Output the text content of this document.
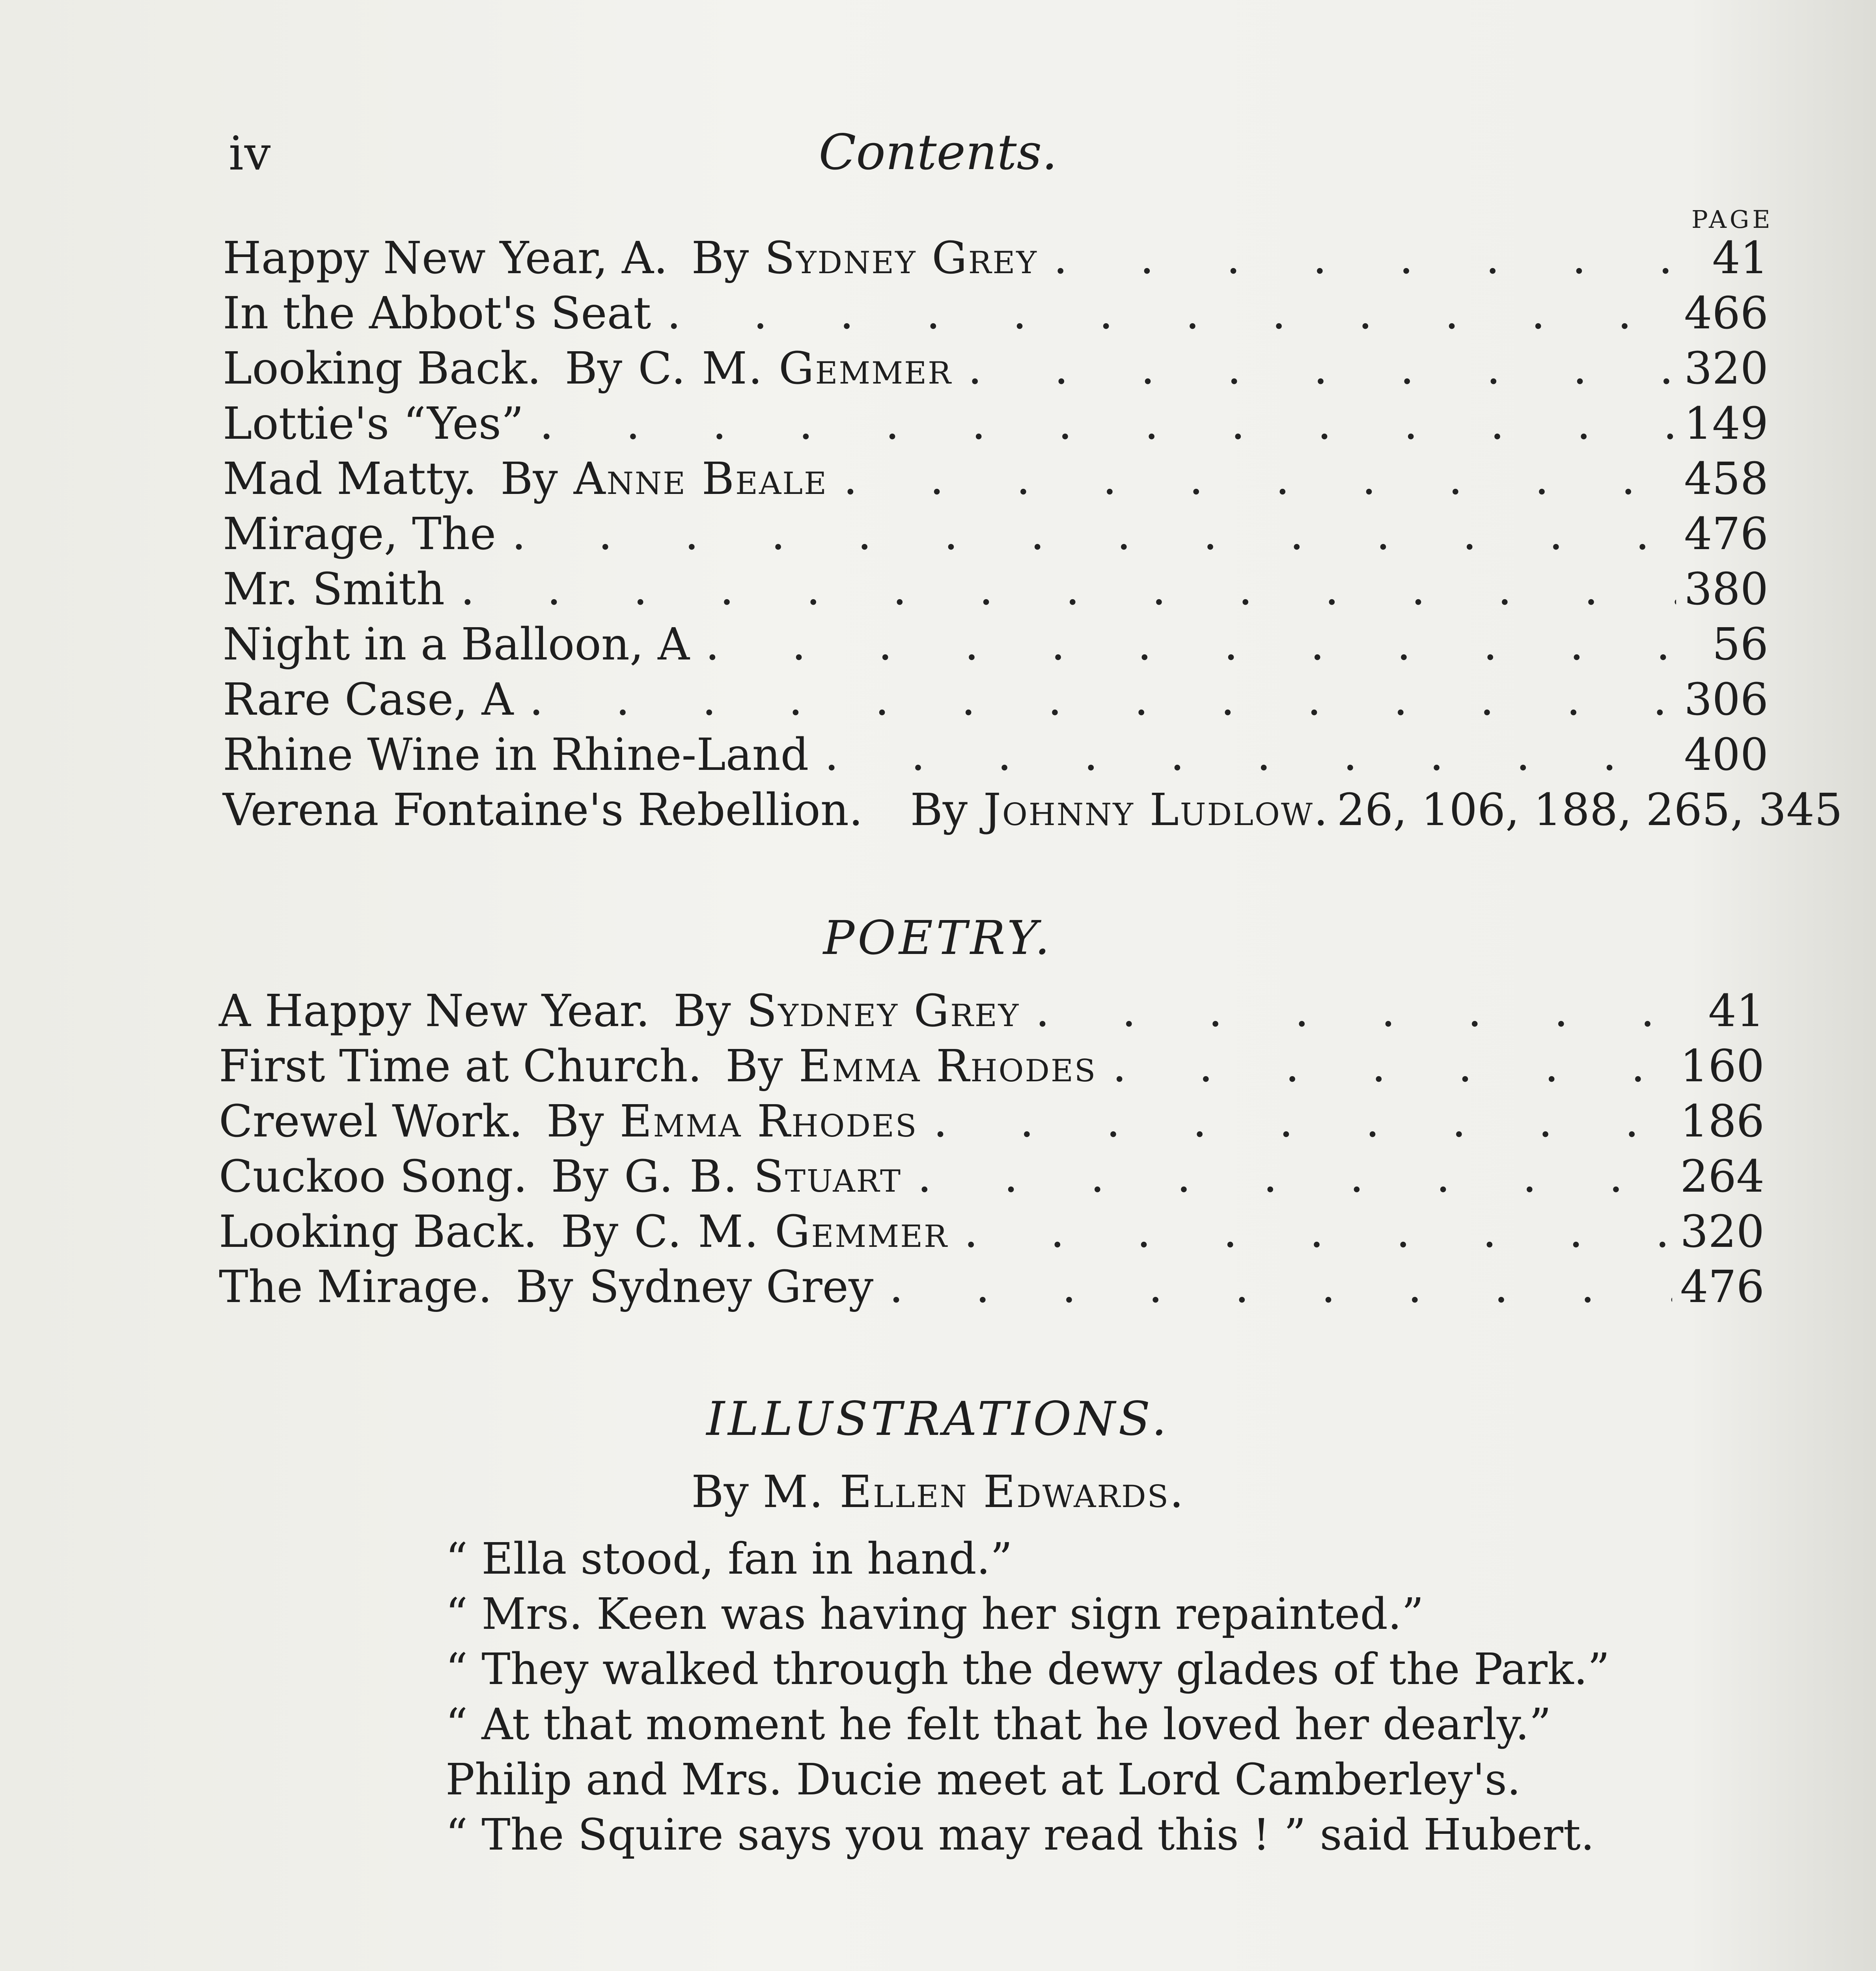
iv	Contents.
PAGE
Happy New Year, A. By Sydney Grey . . .	41
In the Abbot's Seat . . .	466
Looking Back. By C. M. Gemmer . . .	320
Lottie's “Yes” . . .	149
Mad Matty. By Anne Beale . . .	458
Mirage, The . . .	476
Mr. Smith . . .	380
Night in a Balloon, A . . .	56
Rare Case, A . . .	306
Rhine Wine in Rhine-Land . . .	400
Verena Fontaine's Rebellion.	By Johnny Ludlow. 26, 106, 188, 265, 345
POETRY.
A Happy New Year. By Sydney Grey . . .	41
First Time at Church. By Emma Rhodes . . .	160
Crewel Work. By Emma Rhodes . . .	186
Cuckoo Song. By G. B. Stuart . . .	264
Looking Back. By C. M. Gemmer . . .	320
The Mirage. By Sydney Grey . . .	476
ILLUSTRATIONS.
By M. Ellen Edwards.
“ Ella stood, fan in hand.”
“ Mrs. Keen was having her sign repainted.”
“ They walked through the dewy glades of the Park.”
“ At that moment he felt that he loved her dearly.”
Philip and Mrs. Ducie meet at Lord Camberley's.
“ The Squire says you may read this ! ” said Hubert.
